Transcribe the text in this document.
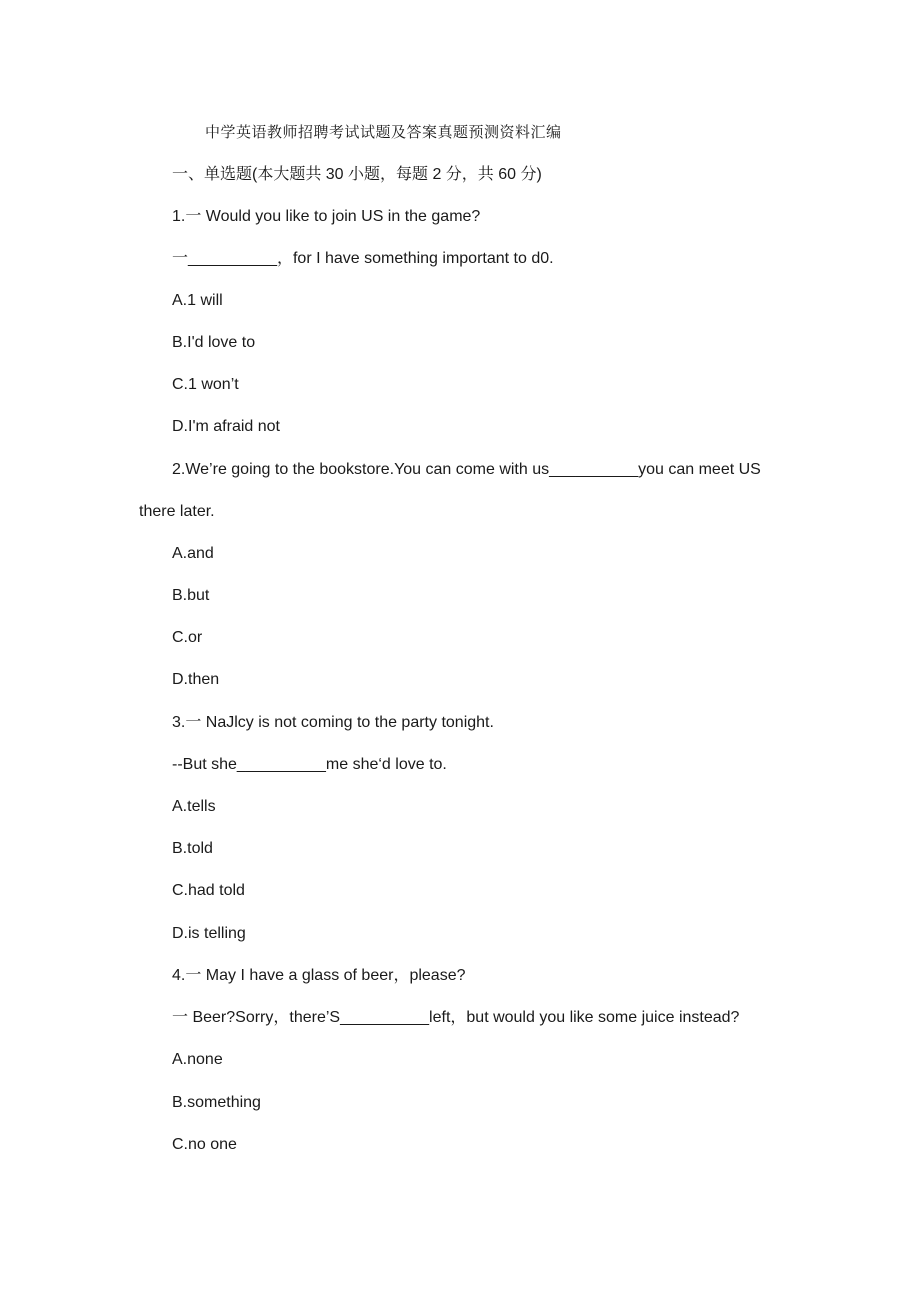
中学英语教师招聘考试试题及答案真题预测资料汇编
一、单选题(本大题共 30 小题，每题 2 分，共 60 分)
1.一 Would you like to join US in the game?
一__________，for I have something important to d0.
A.1 will
B.I'd love to
C.1 won’t
D.I'm afraid not
2.We’re going to the bookstore.You can come with us__________you can meet US
there later.
A.and
B.but
C.or
D.then
3.一 NaJlcy is not coming to the party tonight.
--But she__________me she‘d love to.
A.tells
B.told
C.had told
D.is telling
4.一 May I have a glass of beer，please?
一 Beer?Sorry，there’S__________left，but would you like some juice instead?
A.none
B.something
C.no one
